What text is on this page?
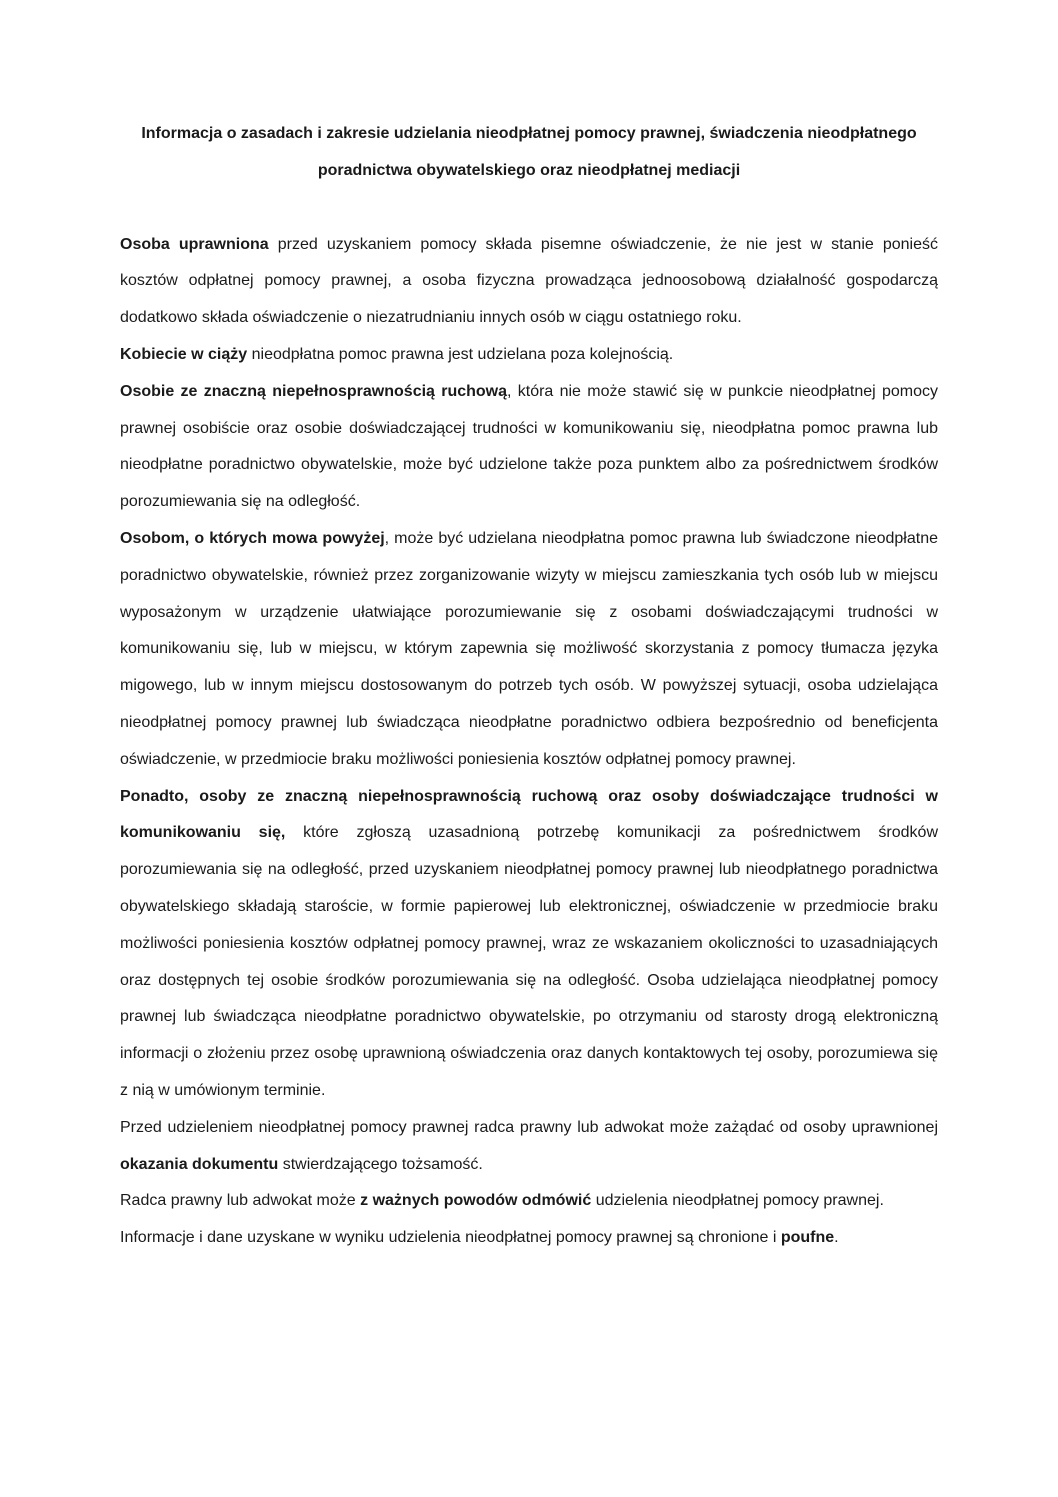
Informacja o zasadach i zakresie udzielania nieodpłatnej pomocy prawnej, świadczenia nieodpłatnego poradnictwa obywatelskiego oraz nieodpłatnej mediacji

Osoba uprawniona przed uzyskaniem pomocy składa pisemne oświadczenie, że nie jest w stanie ponieść kosztów odpłatnej pomocy prawnej, a osoba fizyczna prowadząca jednoosobową działalność gospodarczą dodatkowo składa oświadczenie o niezatrudnianiu innych osób w ciągu ostatniego roku.

Kobiecie w ciąży nieodpłatna pomoc prawna jest udzielana poza kolejnością.

Osobie ze znaczną niepełnosprawnością ruchową, która nie może stawić się w punkcie nieodpłatnej pomocy prawnej osobiście oraz osobie doświadczającej trudności w komunikowaniu się, nieodpłatna pomoc prawna lub nieodpłatne poradnictwo obywatelskie, może być udzielone także poza punktem albo za pośrednictwem środków porozumiewania się na odległość.

Osobom, o których mowa powyżej, może być udzielana nieodpłatna pomoc prawna lub świadczone nieodpłatne poradnictwo obywatelskie, również przez zorganizowanie wizyty w miejscu zamieszkania tych osób lub w miejscu wyposażonym w urządzenie ułatwiające porozumiewanie się z osobami doświadczającymi trudności w komunikowaniu się, lub w miejscu, w którym zapewnia się możliwość skorzystania z pomocy tłumacza języka migowego, lub w innym miejscu dostosowanym do potrzeb tych osób. W powyższej sytuacji, osoba udzielająca nieodpłatnej pomocy prawnej lub świadcząca nieodpłatne poradnictwo odbiera bezpośrednio od beneficjenta oświadczenie, w przedmiocie braku możliwości poniesienia kosztów odpłatnej pomocy prawnej.

Ponadto, osoby ze znaczną niepełnosprawnością ruchową oraz osoby doświadczające trudności w komunikowaniu się, które zgłoszą uzasadnioną potrzebę komunikacji za pośrednictwem środków porozumiewania się na odległość, przed uzyskaniem nieodpłatnej pomocy prawnej lub nieodpłatnego poradnictwa obywatelskiego składają staroście, w formie papierowej lub elektronicznej, oświadczenie w przedmiocie braku możliwości poniesienia kosztów odpłatnej pomocy prawnej, wraz ze wskazaniem okoliczności to uzasadniających oraz dostępnych tej osobie środków porozumiewania się na odległość. Osoba udzielająca nieodpłatnej pomocy prawnej lub świadcząca nieodpłatne poradnictwo obywatelskie, po otrzymaniu od starosty drogą elektroniczną informacji o złożeniu przez osobę uprawnioną oświadczenia oraz danych kontaktowych tej osoby, porozumiewa się z nią w umówionym terminie.

Przed udzieleniem nieodpłatnej pomocy prawnej radca prawny lub adwokat może zażądać od osoby uprawnionej okazania dokumentu stwierdzającego tożsamość.

Radca prawny lub adwokat może z ważnych powodów odmówić udzielenia nieodpłatnej pomocy prawnej.

Informacje i dane uzyskane w wyniku udzielenia nieodpłatnej pomocy prawnej są chronione i poufne.
